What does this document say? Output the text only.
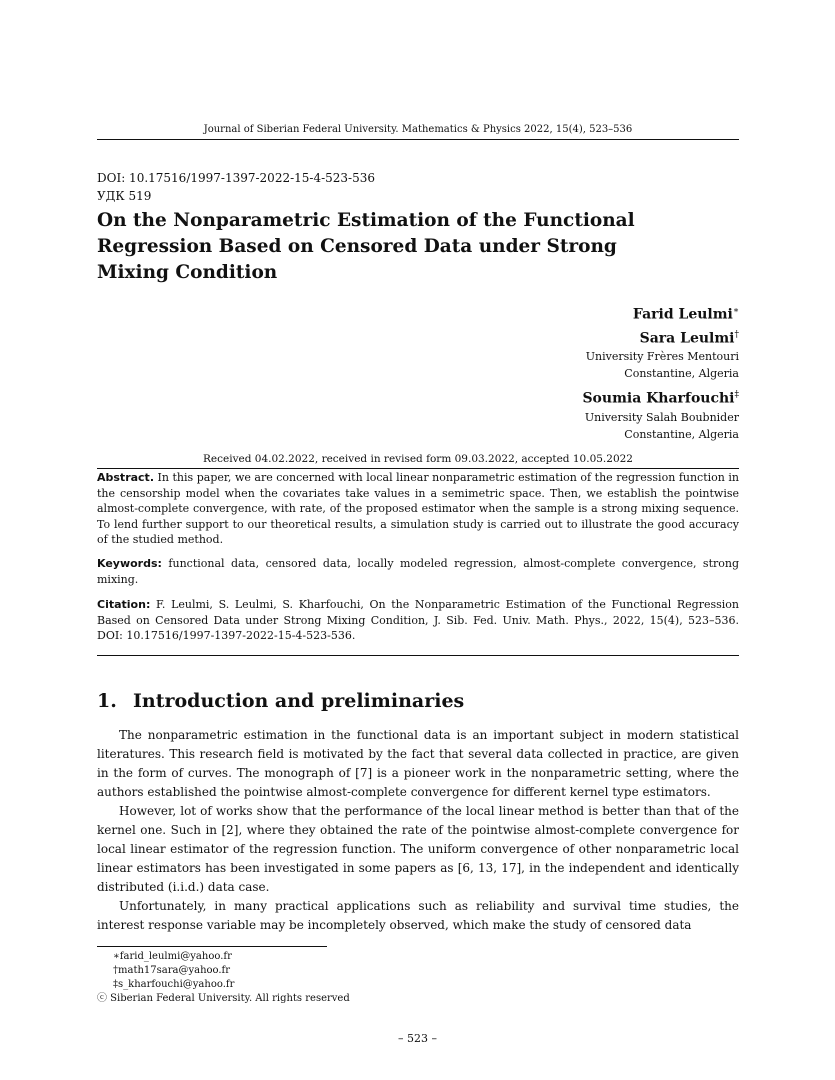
Journal of Siberian Federal University. Mathematics & Physics 2022, 15(4), 523–536
DOI: 10.17516/1997-1397-2022-15-4-523-536
УДК 519
On the Nonparametric Estimation of the Functional Regression Based on Censored Data under Strong Mixing Condition
Farid Leulmi∗
Sara Leulmi†
University Frères Mentouri
Constantine, Algeria
Soumia Kharfouchi‡
University Salah Boubnider
Constantine, Algeria
Received 04.02.2022, received in revised form 09.03.2022, accepted 10.05.2022
Abstract. In this paper, we are concerned with local linear nonparametric estimation of the regression function in the censorship model when the covariates take values in a semimetric space. Then, we establish the pointwise almost-complete convergence, with rate, of the proposed estimator when the sample is a strong mixing sequence. To lend further support to our theoretical results, a simulation study is carried out to illustrate the good accuracy of the studied method.
Keywords: functional data, censored data, locally modeled regression, almost-complete convergence, strong mixing.
Citation: F. Leulmi, S. Leulmi, S. Kharfouchi, On the Nonparametric Estimation of the Functional Regression Based on Censored Data under Strong Mixing Condition, J. Sib. Fed. Univ. Math. Phys., 2022, 15(4), 523–536. DOI: 10.17516/1997-1397-2022-15-4-523-536.
1. Introduction and preliminaries

The nonparametric estimation in the functional data is an important subject in modern statistical literatures. This research field is motivated by the fact that several data collected in practice, are given in the form of curves. The monograph of [7] is a pioneer work in the nonparametric setting, where the authors established the pointwise almost-complete convergence for different kernel type estimators.

However, lot of works show that the performance of the local linear method is better than that of the kernel one. Such in [2], where they obtained the rate of the pointwise almost-complete convergence for local linear estimator of the regression function. The uniform convergence of other nonparametric local linear estimators has been investigated in some papers as [6, 13, 17], in the independent and identically distributed (i.i.d.) data case.

Unfortunately, in many practical applications such as reliability and survival time studies, the interest response variable may be incompletely observed, which make the study of censored data

∗farid_leulmi@yahoo.fr
†math17sara@yahoo.fr
‡s_kharfouchi@yahoo.fr
ⓒ Siberian Federal University. All rights reserved
– 523 –
